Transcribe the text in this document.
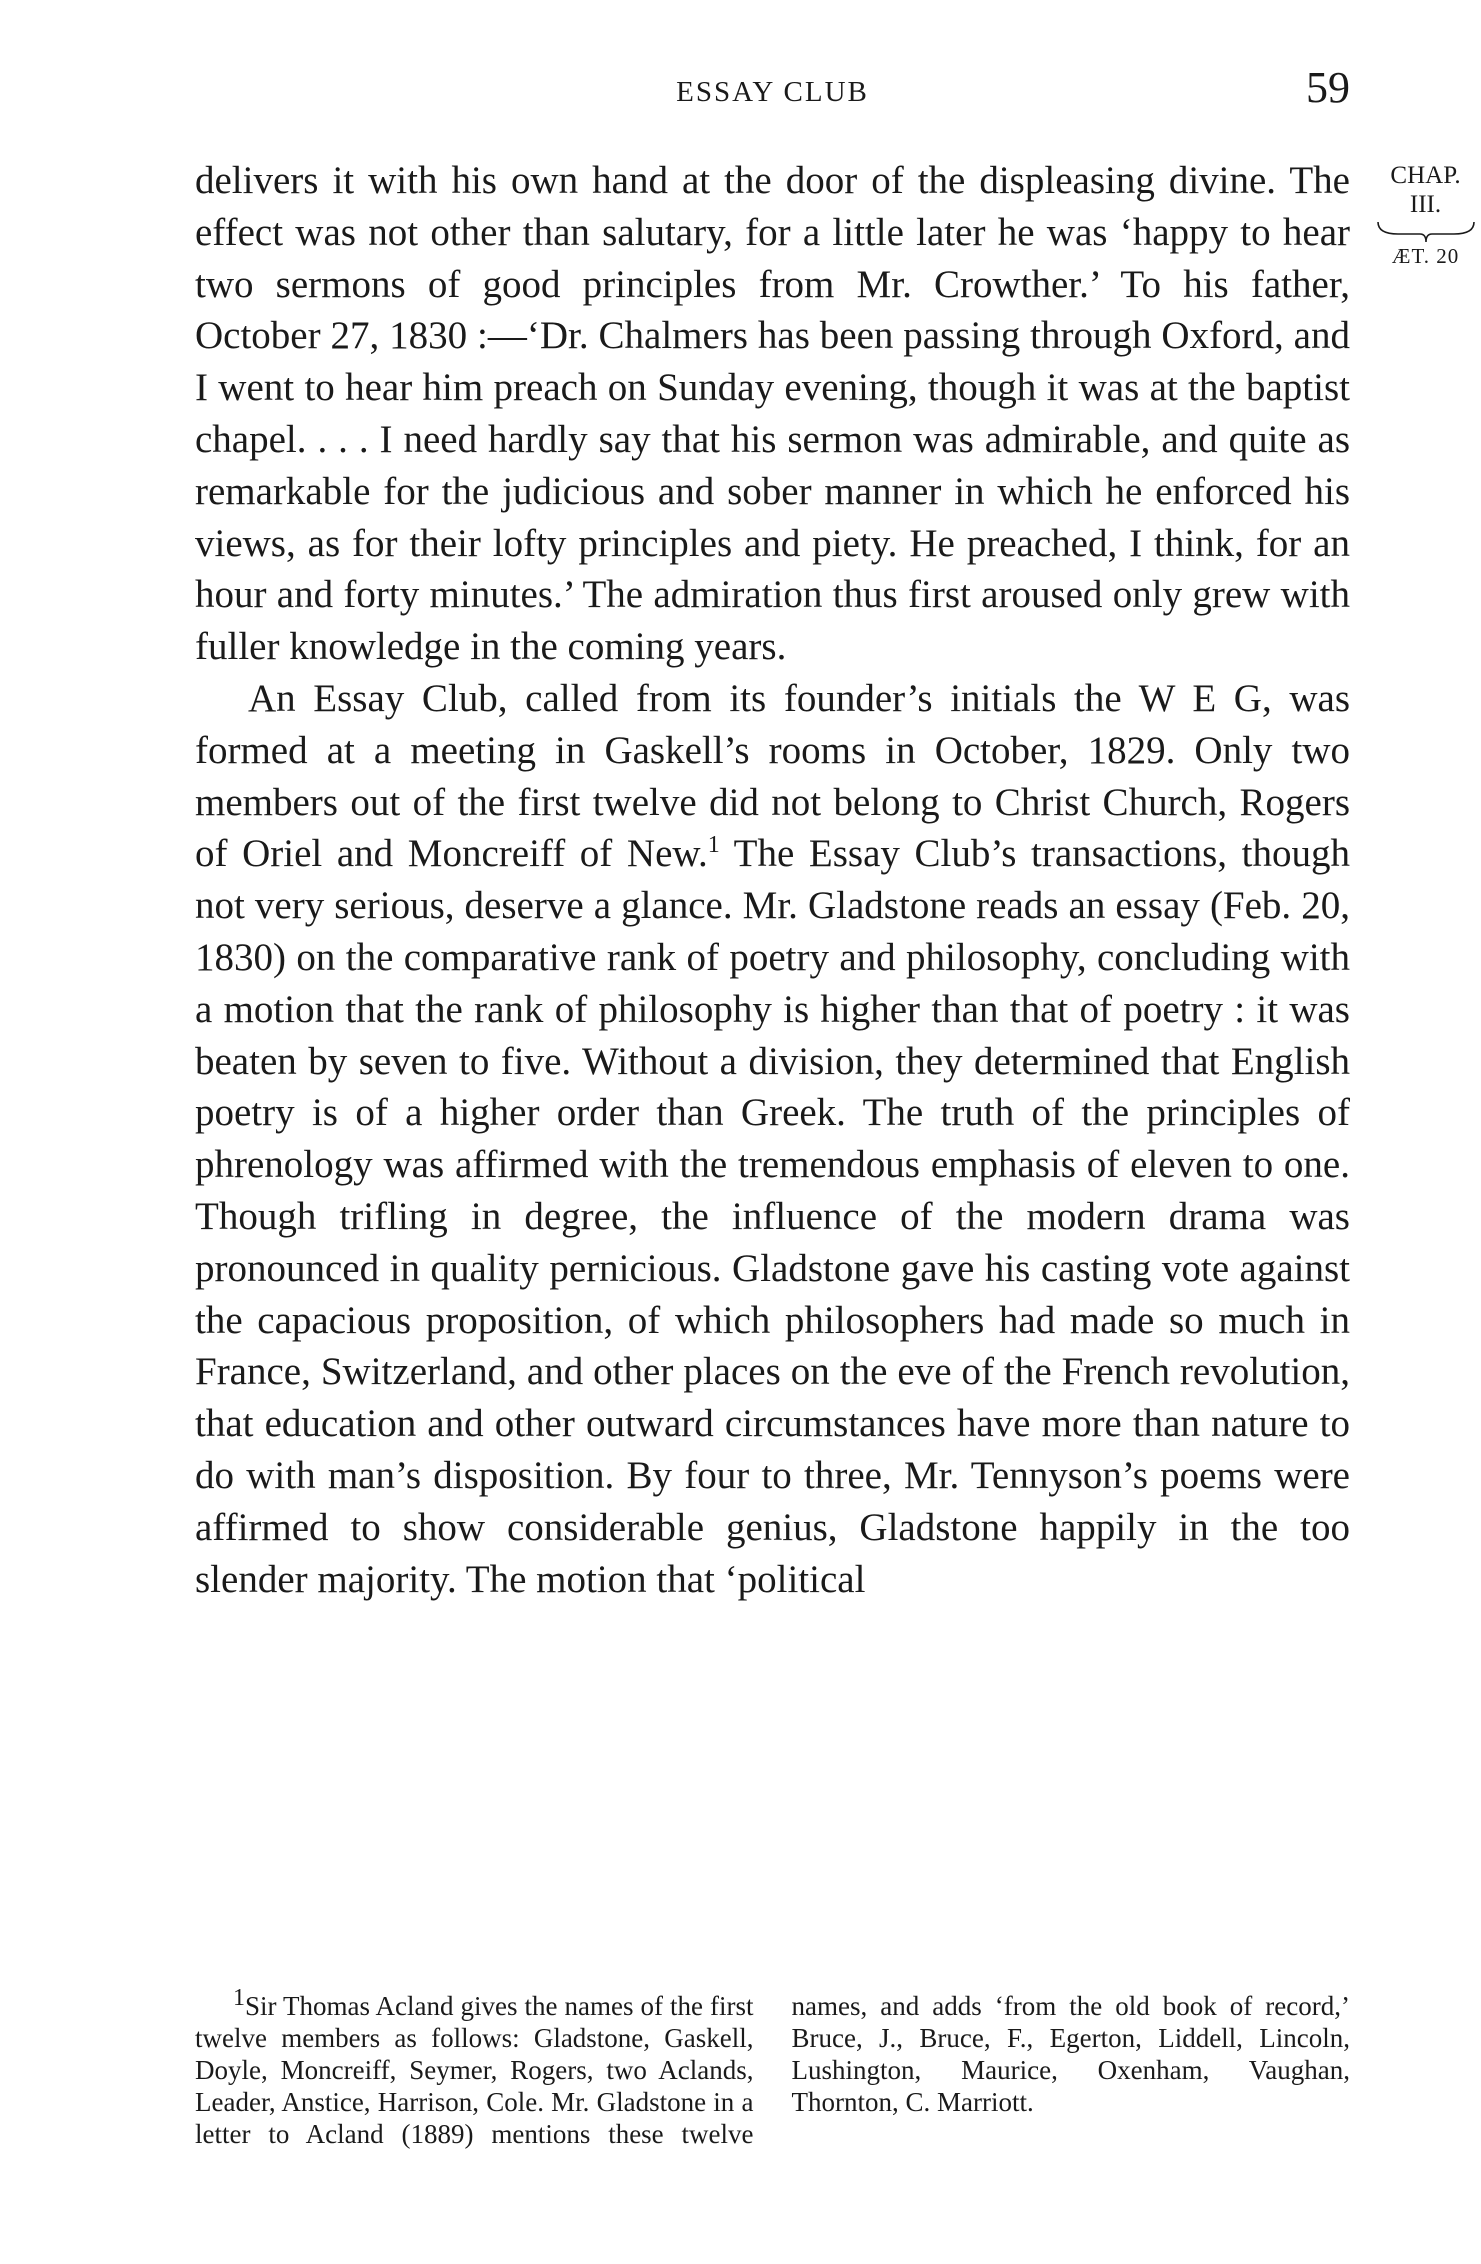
ESSAY CLUB	59
CHAP.
III.
ÆT. 20

delivers it with his own hand at the door of the displeasing divine. The effect was not other than salutary, for a little later he was ‘happy to hear two sermons of good principles from Mr. Crowther.’ To his father, October 27, 1830 :—‘Dr. Chalmers has been passing through Oxford, and I went to hear him preach on Sunday evening, though it was at the baptist chapel. . . . I need hardly say that his sermon was admirable, and quite as remarkable for the judicious and sober manner in which he enforced his views, as for their lofty principles and piety. He preached, I think, for an hour and forty minutes.’ The admiration thus first aroused only grew with fuller knowledge in the coming years.

An Essay Club, called from its founder’s initials the W E G, was formed at a meeting in Gaskell’s rooms in October, 1829. Only two members out of the first twelve did not belong to Christ Church, Rogers of Oriel and Moncreiff of New.$^1$ The Essay Club’s transactions, though not very serious, deserve a glance. Mr. Gladstone reads an essay (Feb. 20, 1830) on the comparative rank of poetry and philosophy, concluding with a motion that the rank of philosophy is higher than that of poetry : it was beaten by seven to five. Without a division, they determined that English poetry is of a higher order than Greek. The truth of the principles of phrenology was affirmed with the tremendous emphasis of eleven to one. Though trifling in degree, the influence of the modern drama was pronounced in quality pernicious. Gladstone gave his casting vote against the capacious proposition, of which philosophers had made so much in France, Switzerland, and other places on the eve of the French revolution, that education and other outward circumstances have more than nature to do with man’s disposition. By four to three, Mr. Tennyson’s poems were affirmed to show considerable genius, Gladstone happily in the too slender majority. The motion that ‘political

$^1$Sir Thomas Acland gives the names of the first twelve members as follows: Gladstone, Gaskell, Doyle, Moncreiff, Seymer, Rogers, two Aclands, Leader, Anstice, Harrison, Cole. Mr. Gladstone in a letter to Acland (1889) mentions these twelve names, and adds ‘from the old book of record,’ Bruce, J., Bruce, F., Egerton, Liddell, Lincoln, Lushington, Maurice, Oxenham, Vaughan, Thornton, C. Marriott.
